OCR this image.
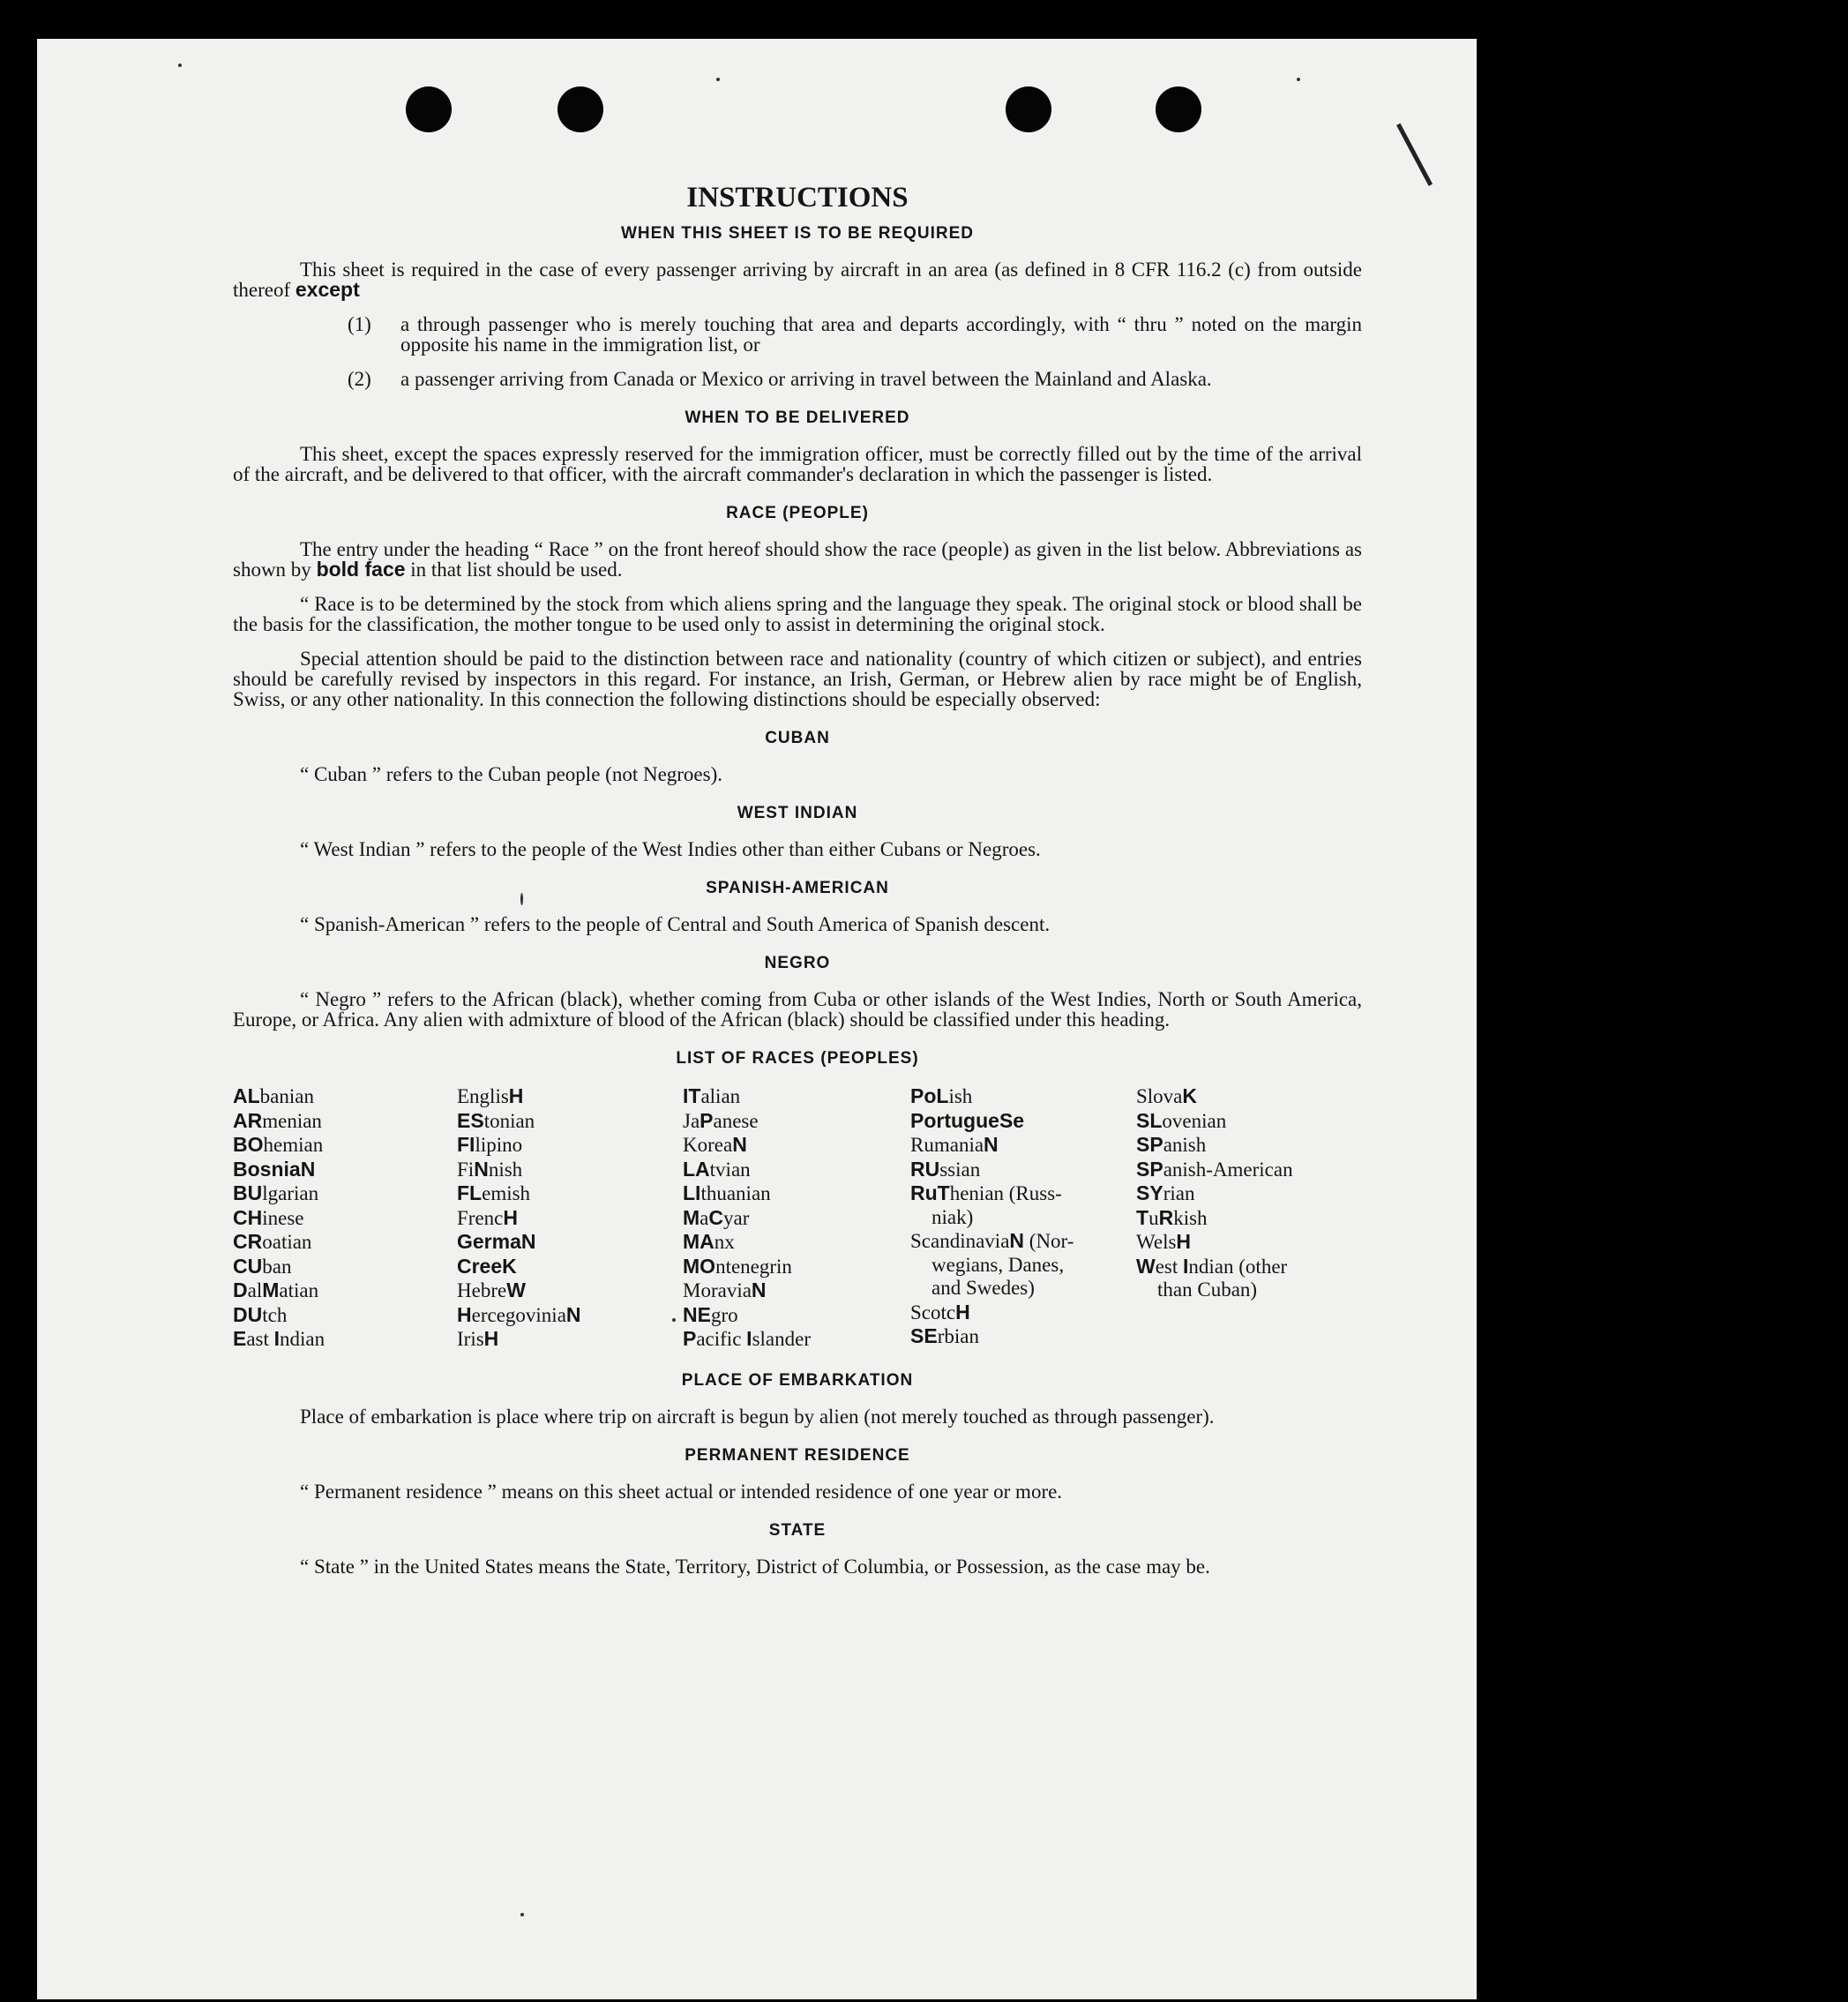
INSTRUCTIONS
WHEN THIS SHEET IS TO BE REQUIRED

This sheet is required in the case of every passenger arriving by aircraft in an area (as defined in 8 CFR 116.2 (c) from outside thereof except

(1)	a through passenger who is merely touching that area and departs accordingly, with “ thru ” noted on the margin opposite his name in the immigration list, or
(2)	a passenger arriving from Canada or Mexico or arriving in travel between the Mainland and Alaska.
WHEN TO BE DELIVERED

This sheet, except the spaces expressly reserved for the immigration officer, must be correctly filled out by the time of the arrival of the aircraft, and be delivered to that officer, with the aircraft commander's declaration in which the passenger is listed.

RACE (PEOPLE)

The entry under the heading “ Race ” on the front hereof should show the race (people) as given in the list below. Abbreviations as shown by bold face in that list should be used.

“ Race is to be determined by the stock from which aliens spring and the language they speak. The original stock or blood shall be the basis for the classification, the mother tongue to be used only to assist in determining the original stock.

Special attention should be paid to the distinction between race and nationality (country of which citizen or subject), and entries should be carefully revised by inspectors in this regard. For instance, an Irish, German, or Hebrew alien by race might be of English, Swiss, or any other nationality. In this connection the following distinctions should be especially observed:

CUBAN

“ Cuban ” refers to the Cuban people (not Negroes).

WEST INDIAN

“ West Indian ” refers to the people of the West Indies other than either Cubans or Negroes.

SPANISH-AMERICAN

“ Spanish-American ” refers to the people of Central and South America of Spanish descent.

NEGRO

“ Negro ” refers to the African (black), whether coming from Cuba or other islands of the West Indies, North or South America, Europe, or Africa. Any alien with admixture of blood of the African (black) should be classified under this heading.

LIST OF RACES (PEOPLES)
ALbanian
ARmenian
BOhemian
BosniaN
BUlgarian
CHinese
CRoatian
CUban
DalMatian
DUtch
East Indian
EnglisH
EStonian
FIlipino
FiNnish
FLemish
FrencH
GermaN
CreeK
HebreW
HercegoviniaN
IrisH
ITalian
JaPanese
KoreaN
LAtvian
LIthuanian
MaCyar
MAnx
MOntenegrin
MoraviaN
NEgro
Pacific Islander
PoLish
PortugueSe
RumaniaN
RUssian
RuThenian (Russ-
niak)
ScandinaviaN (Nor-
wegians, Danes,
and Swedes)
ScotcH
SErbian
SlovaK
SLovenian
SPanish
SPanish-American
SYrian
TuRkish
WelsH
West Indian (other
than Cuban)
PLACE OF EMBARKATION

Place of embarkation is place where trip on aircraft is begun by alien (not merely touched as through passenger).

PERMANENT RESIDENCE

“ Permanent residence ” means on this sheet actual or intended residence of one year or more.

STATE

“ State ” in the United States means the State, Territory, District of Columbia, or Possession, as the case may be.
